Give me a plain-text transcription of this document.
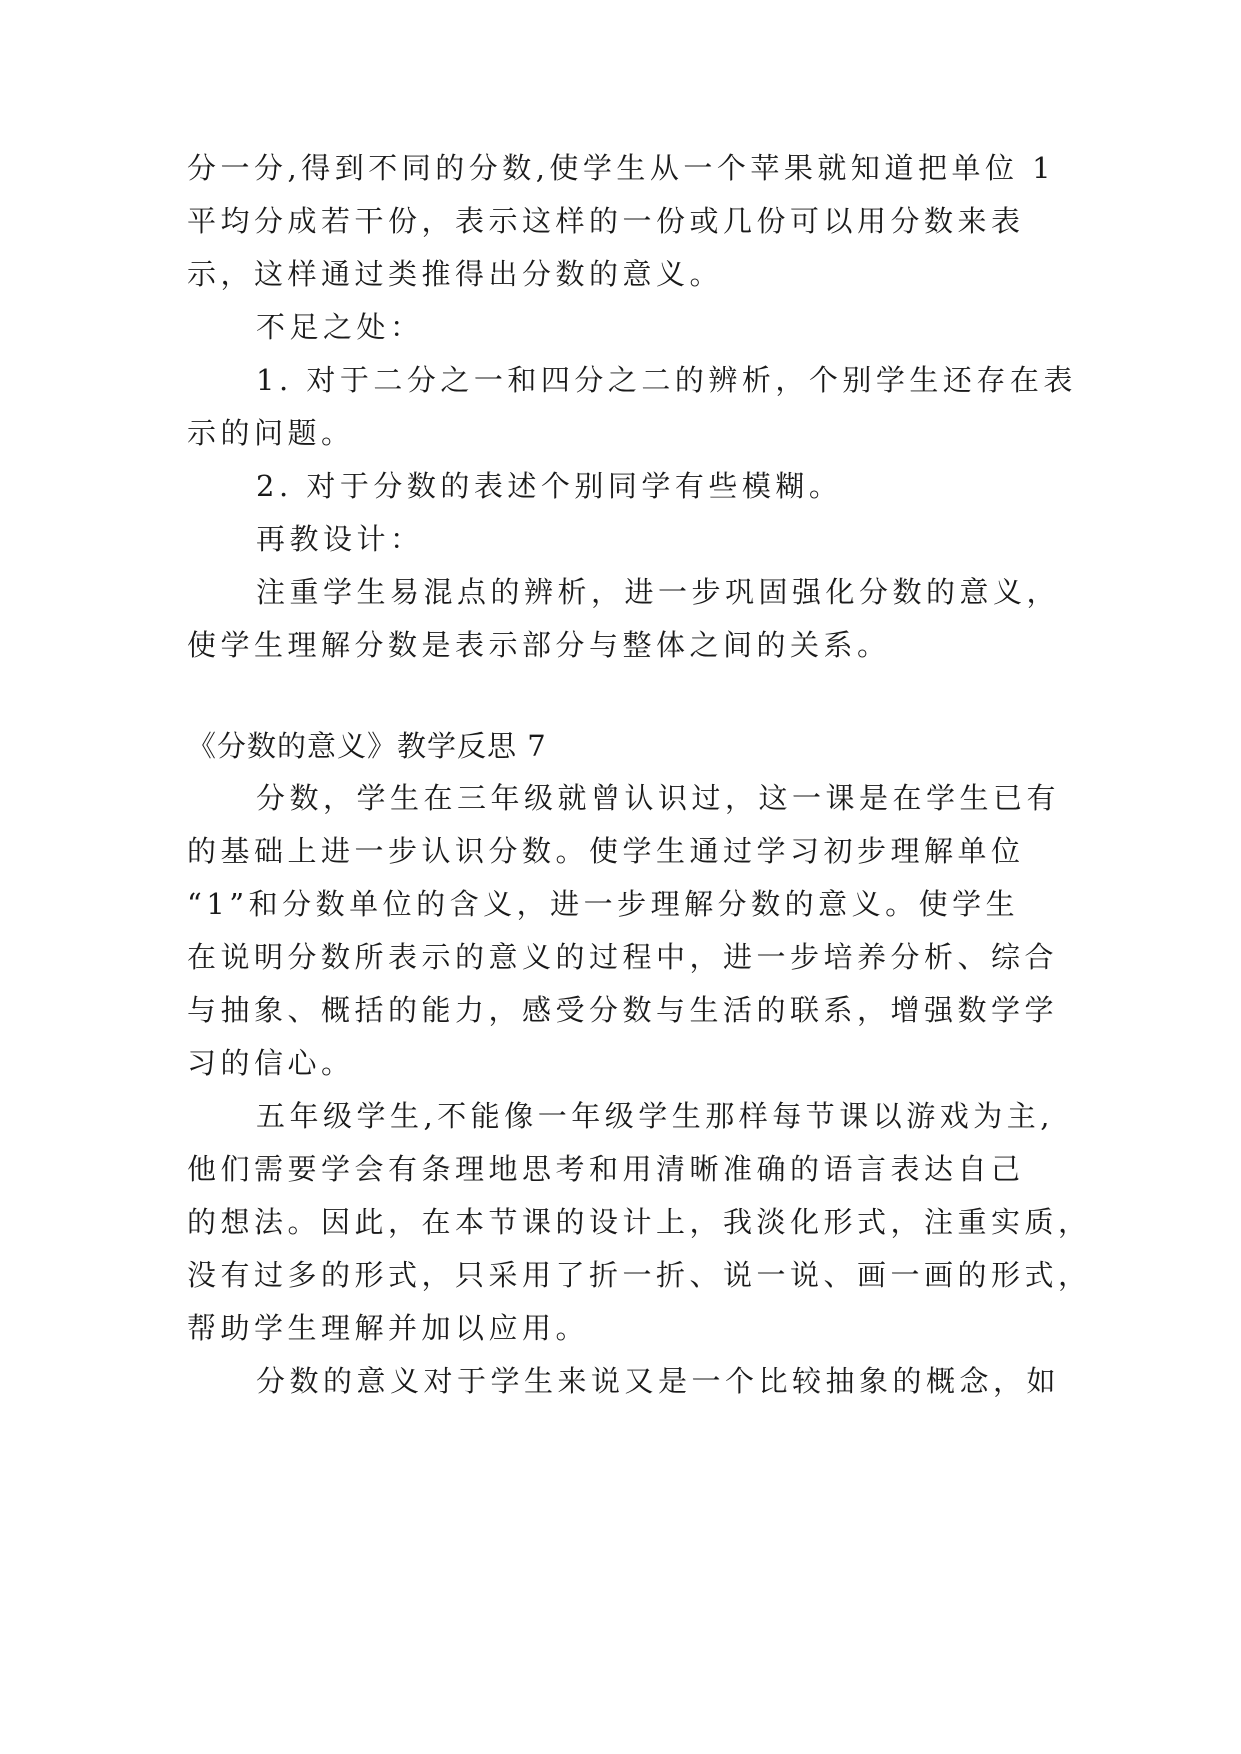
分一分,得到不同的分数,使学生从一个苹果就知道把单位 1
平均分成若干份，表示这样的一份或几份可以用分数来表
示，这样通过类推得出分数的意义。
不足之处：
1. 对于二分之一和四分之二的辨析，个别学生还存在表
示的问题。
2. 对于分数的表述个别同学有些模糊。
再教设计：
注重学生易混点的辨析，进一步巩固强化分数的意义，
使学生理解分数是表示部分与整体之间的关系。
《分数的意义》教学反思 7
分数，学生在三年级就曾认识过，这一课是在学生已有
的基础上进一步认识分数。使学生通过学习初步理解单位
“1”和分数单位的含义，进一步理解分数的意义。使学生
在说明分数所表示的意义的过程中，进一步培养分析、综合
与抽象、概括的能力，感受分数与生活的联系，增强数学学
习的信心。
五年级学生,不能像一年级学生那样每节课以游戏为主,
他们需要学会有条理地思考和用清晰准确的语言表达自己
的想法。因此，在本节课的设计上，我淡化形式，注重实质，
没有过多的形式，只采用了折一折、说一说、画一画的形式，
帮助学生理解并加以应用。
分数的意义对于学生来说又是一个比较抽象的概念，如
